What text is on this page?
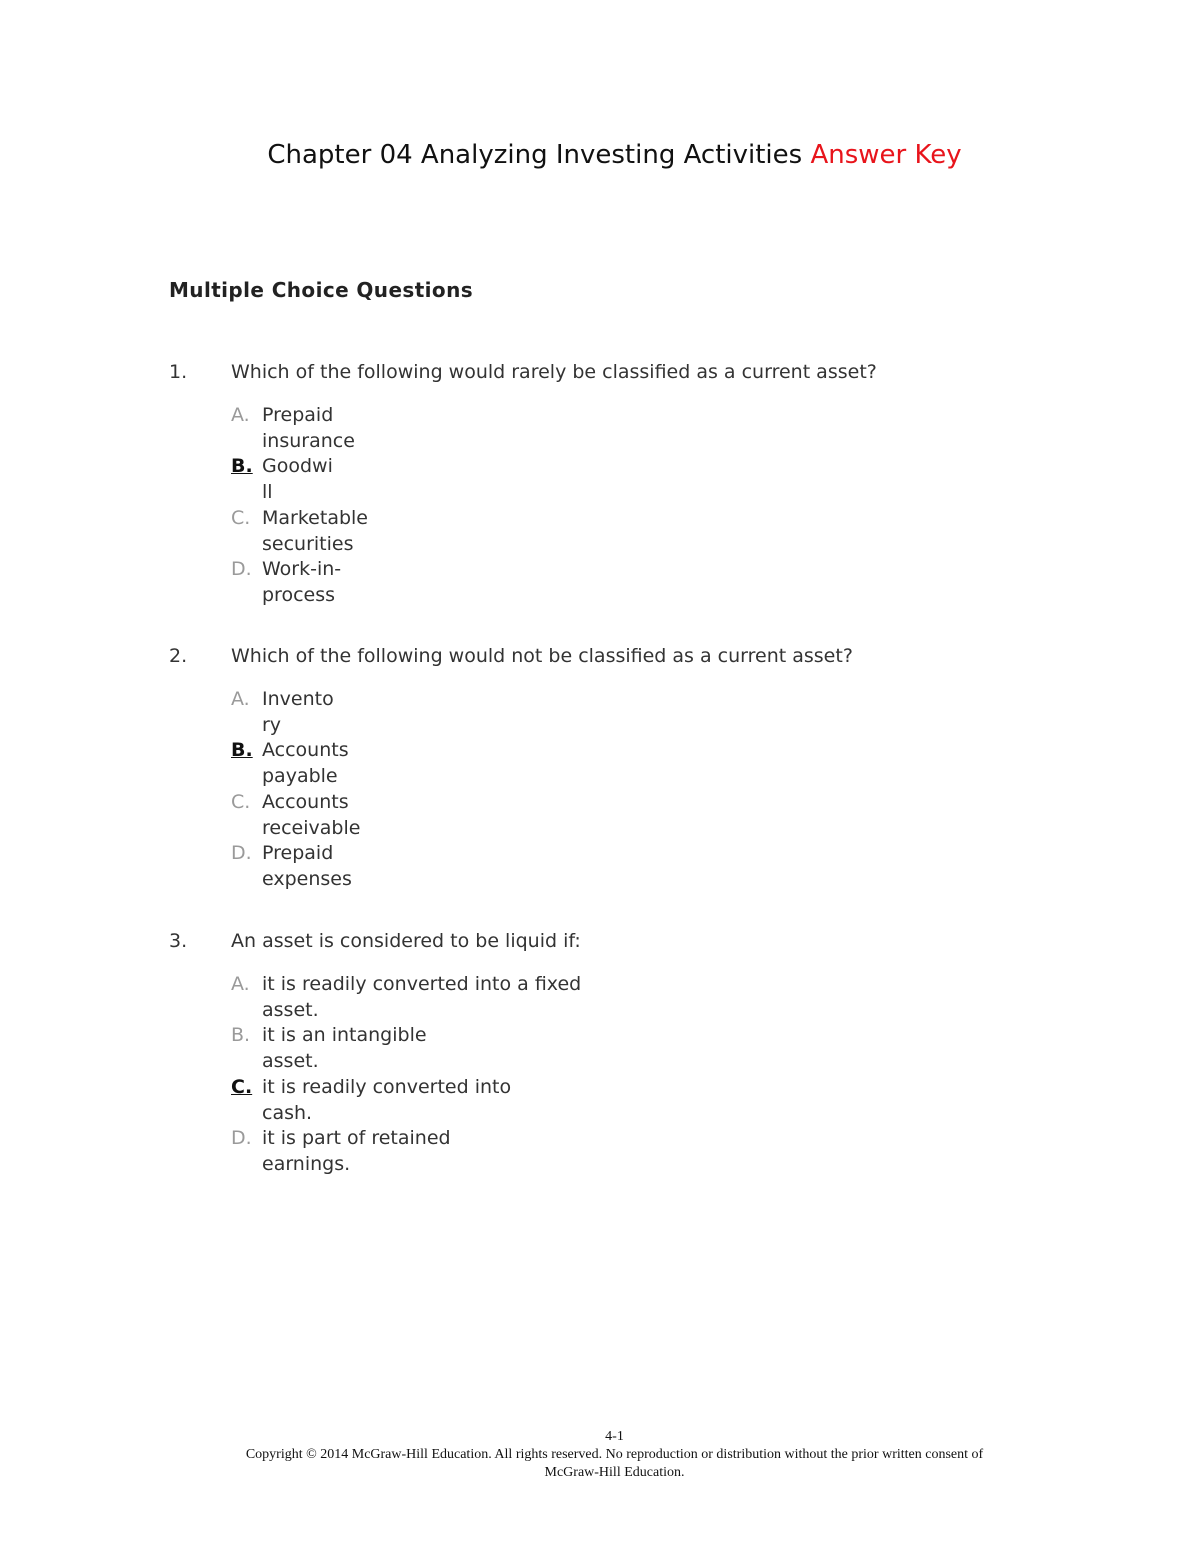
Chapter 04 Analyzing Investing Activities Answer Key
Multiple Choice Questions
1. Which of the following would rarely be classified as a current asset?
A. Prepaid
insurance
B. Goodwi
ll
C. Marketable
securities
D. Work-in-
process
2. Which of the following would not be classified as a current asset?
A. Invento
ry
B. Accounts
payable
C. Accounts
receivable
D. Prepaid
expenses
3. An asset is considered to be liquid if:
A. it is readily converted into a fixed
asset.
B. it is an intangible
asset.
C. it is readily converted into
cash.
D. it is part of retained
earnings.
4-1
Copyright © 2014 McGraw-Hill Education. All rights reserved. No reproduction or distribution without the prior written consent of
McGraw-Hill Education.
